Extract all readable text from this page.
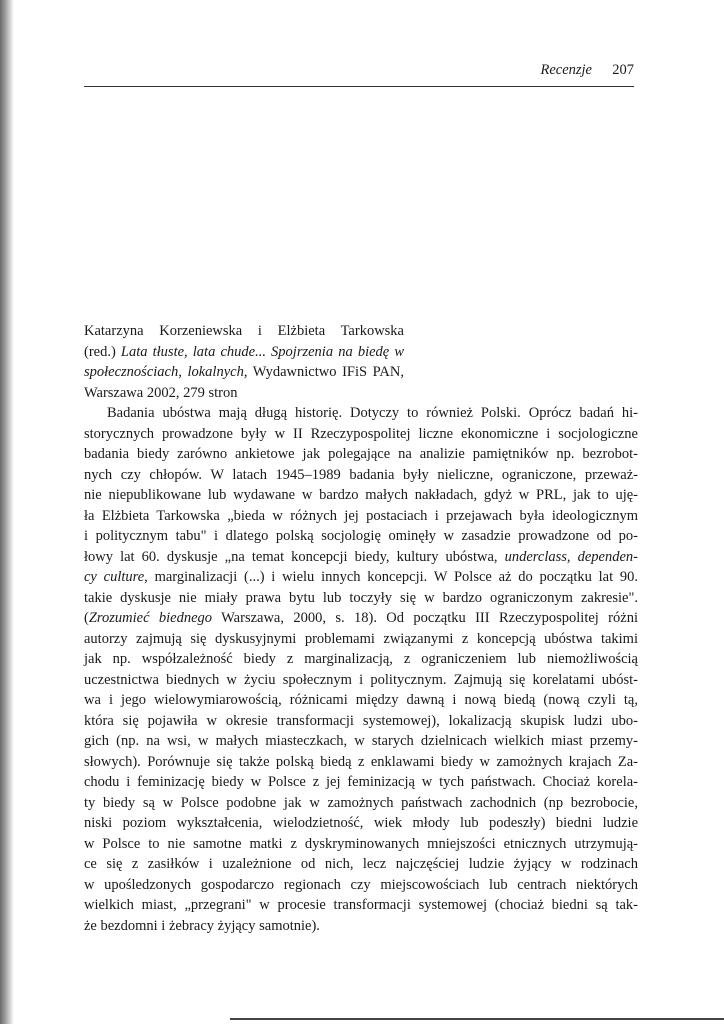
Recenzje 207

Katarzyna Korzeniewska i Elżbieta Tarkowska

(red.) Lata tłuste, lata chude... Spojrzenia na biedę w społecznościach, lokalnych, Wydawnictwo IFiS PAN, Warszawa 2002, 279 stron

Badania ubóstwa mają długą historię. Dotyczy to również Polski. Oprócz badań hi-
storycznych prowadzone były w II Rzeczypospolitej liczne ekonomiczne i socjologiczne
badania biedy zarówno ankietowe jak polegające na analizie pamiętników np. bezrobot-
nych czy chłopów. W latach 1945–1989 badania były nieliczne, ograniczone, przeważ-
nie niepublikowane lub wydawane w bardzo małych nakładach, gdyż w PRL, jak to uję-
ła Elżbieta Tarkowska „bieda w różnych jej postaciach i przejawach była ideologicznym
i politycznym tabu" i dlatego polską socjologię ominęły w zasadzie prowadzone od po-
łowy lat 60. dyskusje „na temat koncepcji biedy, kultury ubóstwa, underclass, dependen-
cy culture, marginalizacji (...) i wielu innych koncepcji. W Polsce aż do początku lat 90.
takie dyskusje nie miały prawa bytu lub toczyły się w bardzo ograniczonym zakresie".
(Zrozumieć biednego Warszawa, 2000, s. 18). Od początku III Rzeczypospolitej różni
autorzy zajmują się dyskusyjnymi problemami związanymi z koncepcją ubóstwa takimi
jak np. współzależność biedy z marginalizacją, z ograniczeniem lub niemożliwością
uczestnictwa biednych w życiu społecznym i politycznym. Zajmują się korelatami ubóst-
wa i jego wielowymiarowością, różnicami między dawną i nową biedą (nową czyli tą,
która się pojawiła w okresie transformacji systemowej), lokalizacją skupisk ludzi ubo-
gich (np. na wsi, w małych miasteczkach, w starych dzielnicach wielkich miast przemy-
słowych). Porównuje się także polską biedą z enklawami biedy w zamożnych krajach Za-
chodu i feminizację biedy w Polsce z jej feminizacją w tych państwach. Chociaż korela-
ty biedy są w Polsce podobne jak w zamożnych państwach zachodnich (np bezrobocie,
niski poziom wykształcenia, wielodzietność, wiek młody lub podeszły) biedni ludzie
w Polsce to nie samotne matki z dyskryminowanych mniejszości etnicznych utrzymują-
ce się z zasiłków i uzależnione od nich, lecz najczęściej ludzie żyjący w rodzinach
w upośledzonych gospodarczo regionach czy miejscowościach lub centrach niektórych
wielkich miast, „przegrani" w procesie transformacji systemowej (chociaż biedni są tak-
że bezdomni i żebracy żyjący samotnie).
